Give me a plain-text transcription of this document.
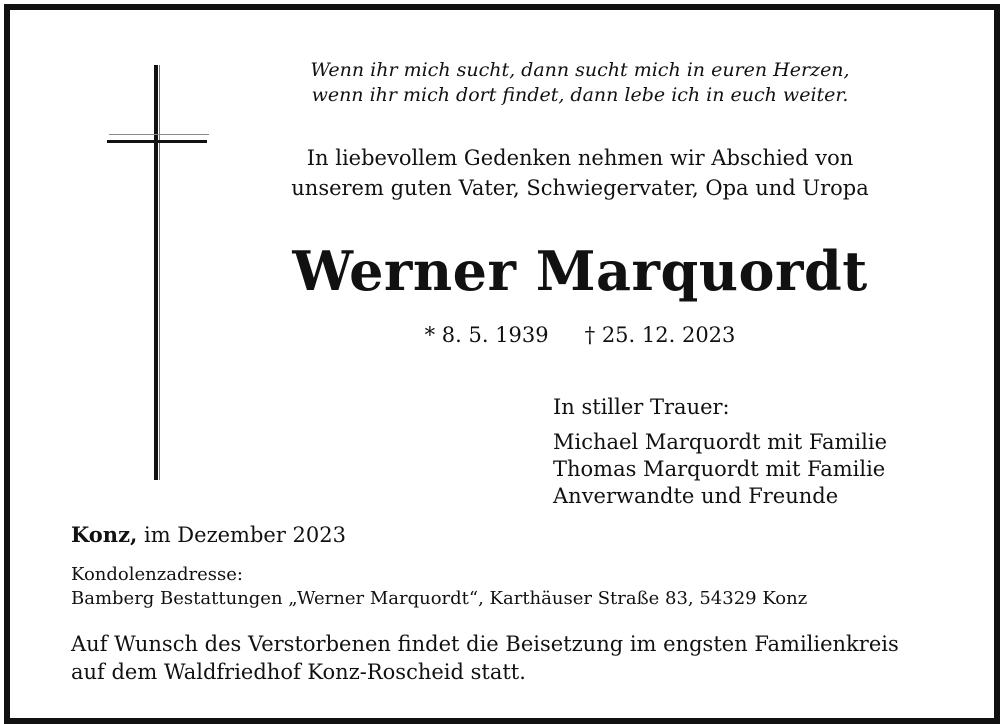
Wenn ihr mich sucht, dann sucht mich in euren Herzen,
wenn ihr mich dort findet, dann lebe ich in euch weiter.
In liebevollem Gedenken nehmen wir Abschied von
unserem guten Vater, Schwiegervater, Opa und Uropa
Werner Marquordt
* 8. 5. 1939 † 25. 12. 2023
In stiller Trauer:
Michael Marquordt mit Familie
Thomas Marquordt mit Familie
Anverwandte und Freunde
Konz, im Dezember 2023
Kondolenzadresse:
Bamberg Bestattungen „Werner Marquordt“, Karthäuser Straße 83, 54329 Konz
Auf Wunsch des Verstorbenen findet die Beisetzung im engsten Familienkreis
auf dem Waldfriedhof Konz-Roscheid statt.
